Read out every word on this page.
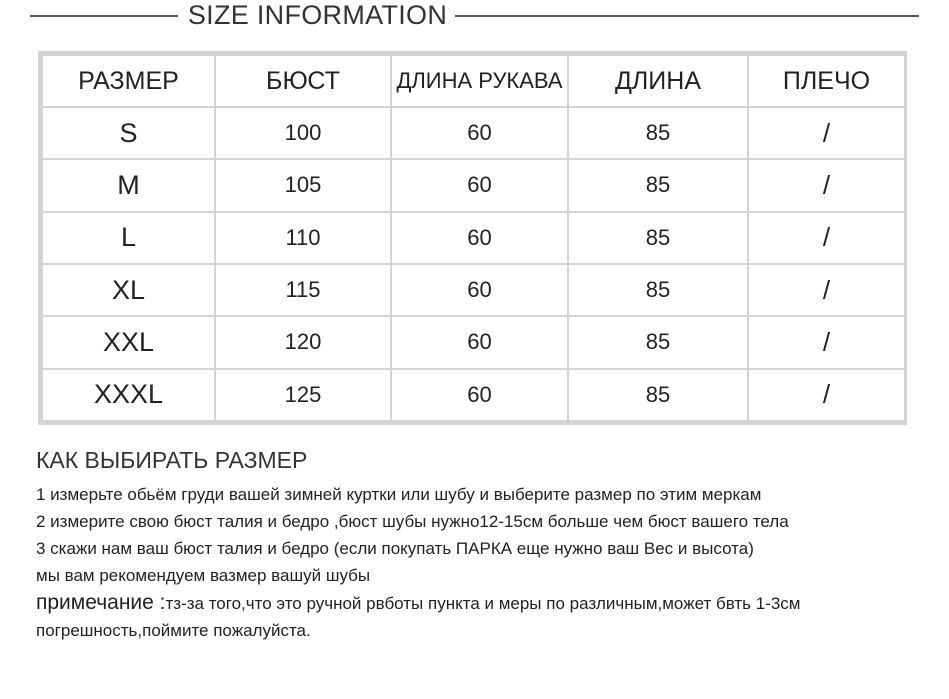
SIZE INFORMATION
РАЗМЕР	БЮСТ	ДЛИНА РУКАВА	ДЛИНА	ПЛЕЧО
S	100	60	85	/
M	105	60	85	/
L	110	60	85	/
XL	115	60	85	/
XXL	120	60	85	/
XXXL	125	60	85	/
КАК ВЫБИРАТЬ РАЗМЕР
1 измерьте обьём груди вашей зимней куртки или шубу и выберите размер по этим меркам
2 измерите свою бюст талия и бедро ,бюст шубы нужно12-15см больше чем бюст вашего тела
3 скажи нам ваш бюст талия и бедро (если покупать ПАРКА еще нужно ваш Вес и высота)
мы вам рекомендуем вазмер вашуй шубы
примечание :тз-за того,что это ручной рвботы пункта и меры по различным,может бвть 1-3см
погрешность,поймите пожалуйста.
